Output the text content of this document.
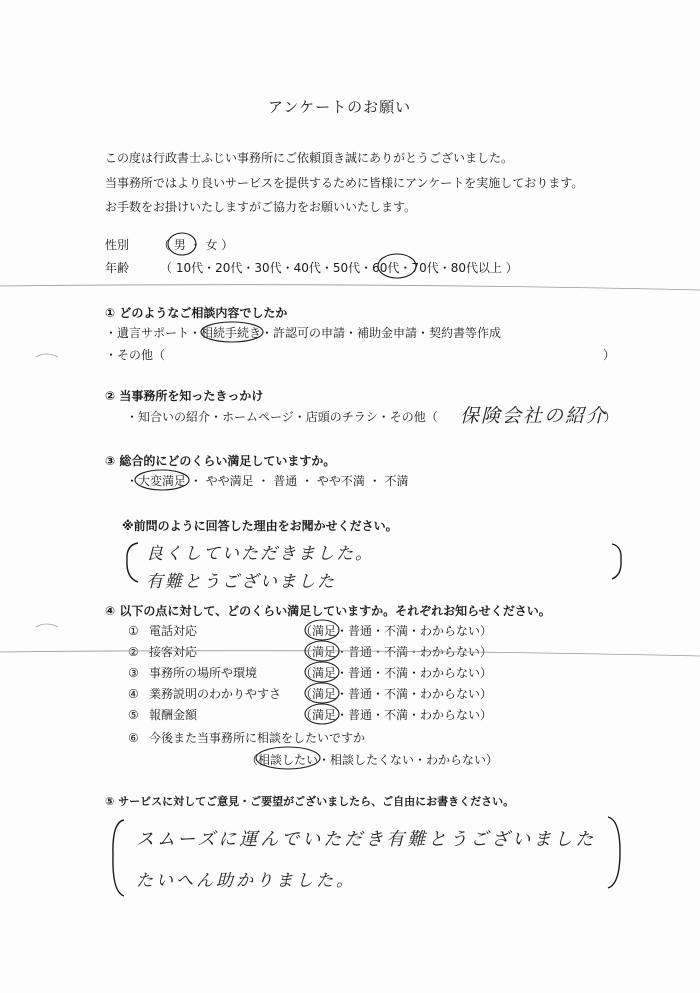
アンケートのお願い
この度は行政書士ふじい事務所にご依頼頂き誠にありがとうございました。
当事務所ではより良いサービスを提供するために皆様にアンケートを実施しております。
お手数をお掛けいたしますがご協力をお願いいたします。
性別 （ 男 ・ 女 ）
年齢	（ 10代・20代・30代・40代・50代・60代・70代・80代以上 ）
① どのようなご相談内容でしたか
・遺言サポート・相続手続き・許認可の申請・補助金申請・契約書等作成
・その他（	）
② 当事務所を知ったきっかけ
・知合いの紹介・ホームページ・店頭のチラシ・その他（ 保険会社の紹介
）
③ 総合的にどのくらい満足していますか。
・大変満足 ・ やや満足 ・ 普通 ・ やや不満 ・ 不満
※前問のように回答した理由をお聞かせください。
良くしていただきました。
有難とうございました
④ 以下の点に対して、どのくらい満足していますか。それぞれお知らせください。
① 電話対応	（満足・普通・不満・わからない）
② 接客対応	（満足・普通・不満・わからない）
③ 事務所の場所や環境	（満足・普通・不満・わからない）
④ 業務説明のわかりやすさ （満足・普通・不満・わからない）
⑤ 報酬金額	（満足・普通・不満・わからない）
⑥ 今後また当事務所に相談をしたいですか
（相談したい・相談したくない・わからない）
⑤ サービスに対してご意見・ご要望がございましたら、ご自由にお書きください。
スムーズに運んでいただき有難とうございました
たいへん助かりました。
